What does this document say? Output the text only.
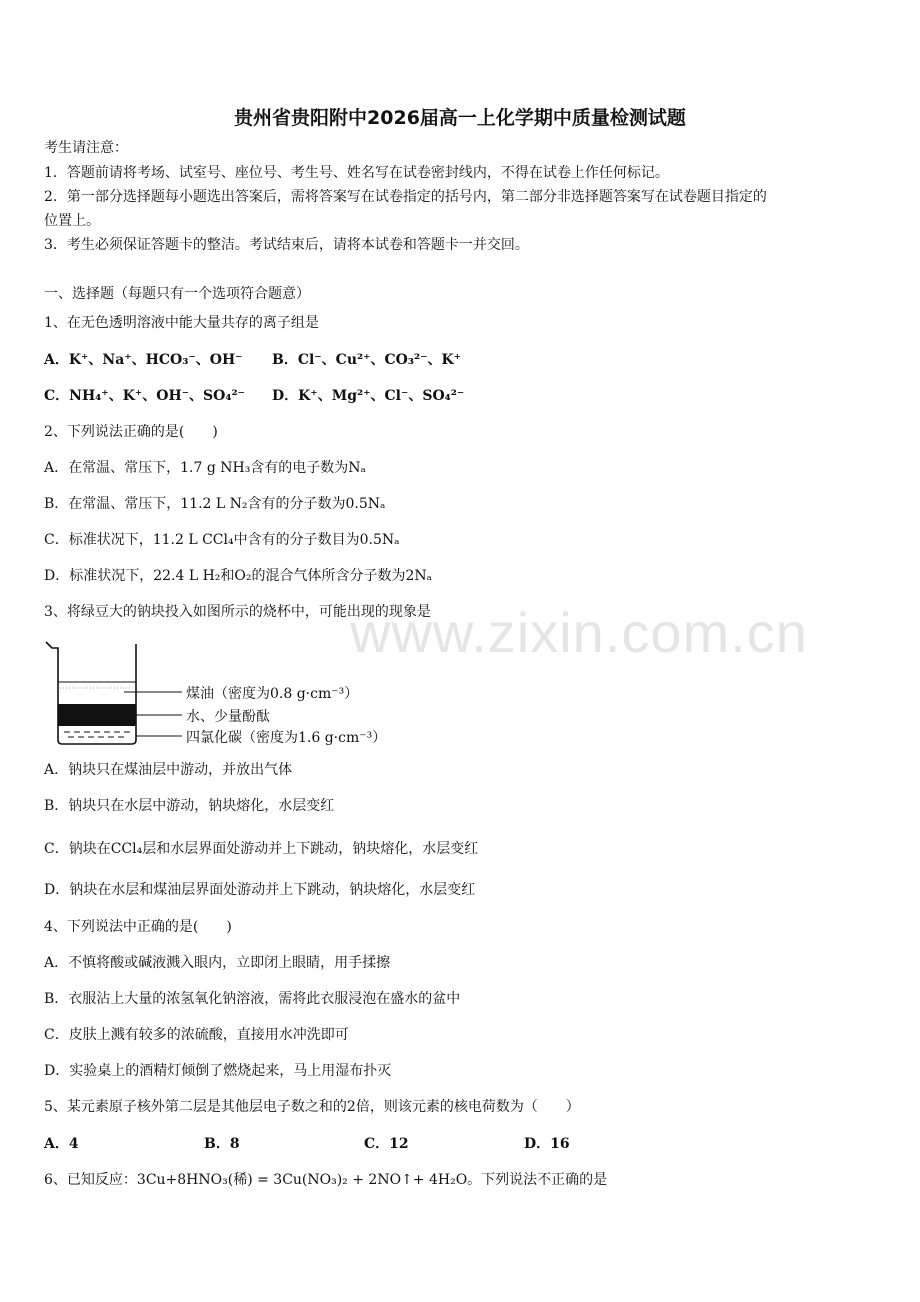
www.zixin.com.cn
贵州省贵阳附中2026届高一上化学期中质量检测试题
考生请注意：
1．答题前请将考场、试室号、座位号、考生号、姓名写在试卷密封线内，不得在试卷上作任何标记。
2．第一部分选择题每小题选出答案后，需将答案写在试卷指定的括号内，第二部分非选择题答案写在试卷题目指定的
位置上。
3．考生必须保证答题卡的整洁。考试结束后，请将本试卷和答题卡一并交回。
一、选择题（每题只有一个选项符合题意）
1、在无色透明溶液中能大量共存的离子组是
A．K⁺、Na⁺、HCO₃⁻、OH⁻ B．Cl⁻、Cu²⁺、CO₃²⁻、K⁺
C．NH₄⁺、K⁺、OH⁻、SO₄²⁻ D．K⁺、Mg²⁺、Cl⁻、SO₄²⁻
2、下列说法正确的是(　　)
A．在常温、常压下，1.7 g NH₃含有的电子数为Nₐ
B．在常温、常压下，11.2 L N₂含有的分子数为0.5Nₐ
C．标准状况下，11.2 L CCl₄中含有的分子数目为0.5Nₐ
D．标准状况下，22.4 L H₂和O₂的混合气体所含分子数为2Nₐ
3、将绿豆大的钠块投入如图所示的烧杯中，可能出现的现象是
煤油（密度为0.8 g·cm⁻³）
水、少量酚酞
四氯化碳（密度为1.6 g·cm⁻³）
A．钠块只在煤油层中游动，并放出气体
B．钠块只在水层中游动，钠块熔化，水层变红
C．钠块在CCl₄层和水层界面处游动并上下跳动，钠块熔化，水层变红
D．钠块在水层和煤油层界面处游动并上下跳动，钠块熔化，水层变红
4、下列说法中正确的是(　　)
A．不慎将酸或碱液溅入眼内，立即闭上眼睛，用手揉擦
B．衣服沾上大量的浓氢氧化钠溶液，需将此衣服浸泡在盛水的盆中
C．皮肤上溅有较多的浓硫酸，直接用水冲洗即可
D．实验桌上的酒精灯倾倒了燃烧起来，马上用湿布扑灭
5、某元素原子核外第二层是其他层电子数之和的2倍，则该元素的核电荷数为（　　）
A．4	B．8	C．12	D．16
6、已知反应：3Cu+8HNO₃(稀) = 3Cu(NO₃)₂ + 2NO↑+ 4H₂O。下列说法不正确的是
